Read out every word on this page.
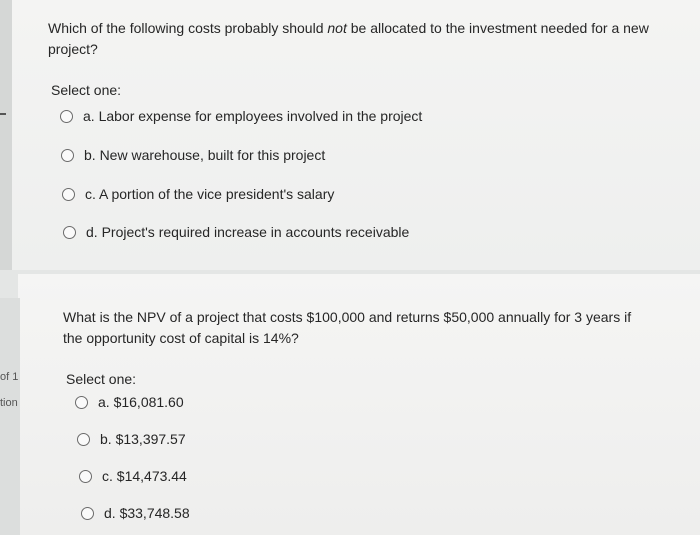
Which of the following costs probably should not be allocated to the investment needed for a new project?
Select one:
a. Labor expense for employees involved in the project
b. New warehouse, built for this project
c. A portion of the vice president's salary
d. Project's required increase in accounts receivable
of 1
tion
What is the NPV of a project that costs $100,000 and returns $50,000 annually for 3 years if the opportunity cost of capital is 14%?
Select one:
a. $16,081.60
b. $13,397.57
c. $14,473.44
d. $33,748.58
